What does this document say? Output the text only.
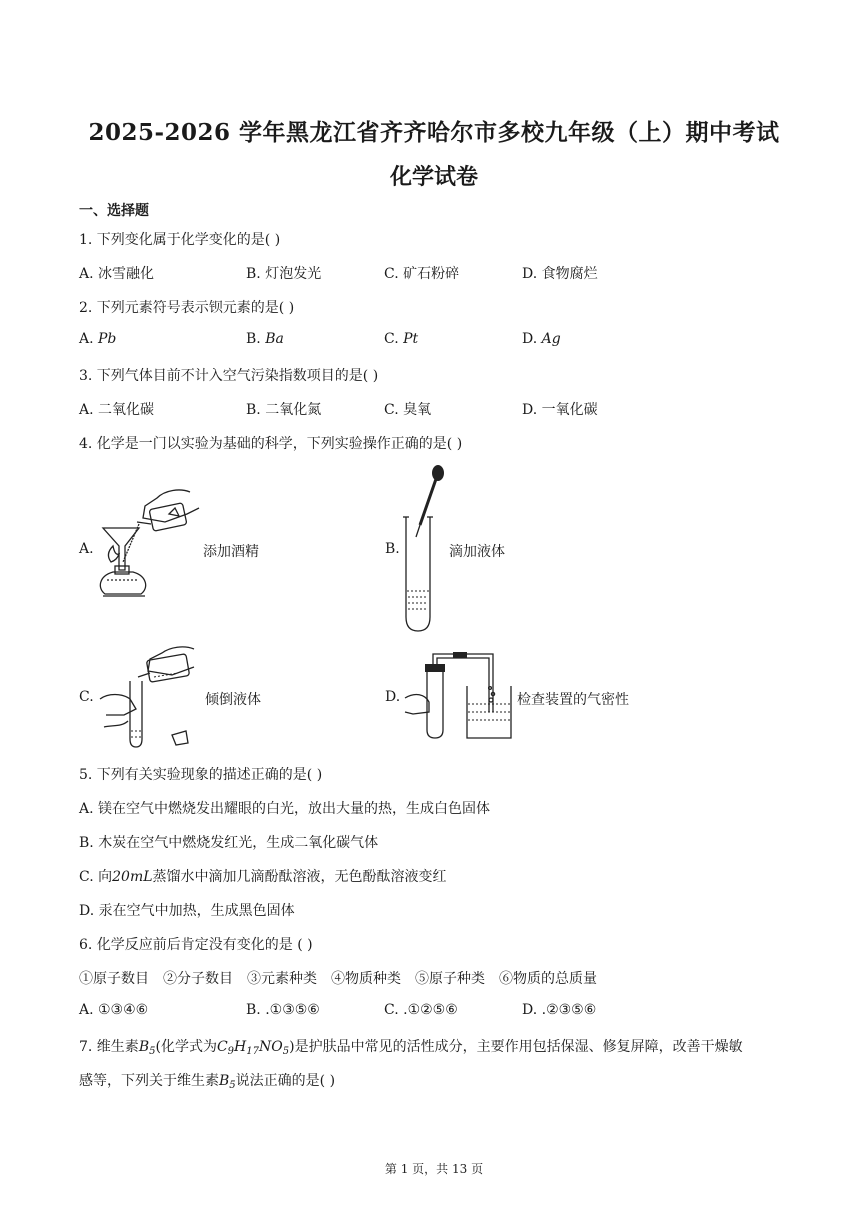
2025-2026 学年黑龙江省齐齐哈尔市多校九年级（上）期中考试
化学试卷
一、选择题
1. 下列变化属于化学变化的是( )
A. 冰雪融化	B. 灯泡发光	C. 矿石粉碎	D. 食物腐烂
2. 下列元素符号表示钡元素的是( )
A. Pb	B. Ba	C. Pt	D. Ag
3. 下列气体目前不计入空气污染指数项目的是( )
A. 二氧化碳	B. 二氧化氮	C. 臭氧	D. 一氧化碳
4. 化学是一门以实验为基础的科学，下列实验操作正确的是( )
A.	添加酒精	B.	滴加液体
C.	倾倒液体	D.	检查装置的气密性
5. 下列有关实验现象的描述正确的是( )
A. 镁在空气中燃烧发出耀眼的白光，放出大量的热，生成白色固体
B. 木炭在空气中燃烧发红光，生成二氧化碳气体
C. 向20mL蒸馏水中滴加几滴酚酞溶液，无色酚酞溶液变红
D. 汞在空气中加热，生成黑色固体
6. 化学反应前后肯定没有变化的是 ( )
①原子数目　②分子数目　③元素种类　④物质种类　⑤原子种类　⑥物质的总质量
A. ①③④⑥	B. .①③⑤⑥	C. .①②⑤⑥	D. .②③⑤⑥
7. 维生素$B_5$(化学式为$C_9H_{17}NO_5$)是护肤品中常见的活性成分，主要作用包括保湿、修复屏障，改善干燥敏
感等，下列关于维生素$B_5$说法正确的是( )
第 1 页，共 13 页
